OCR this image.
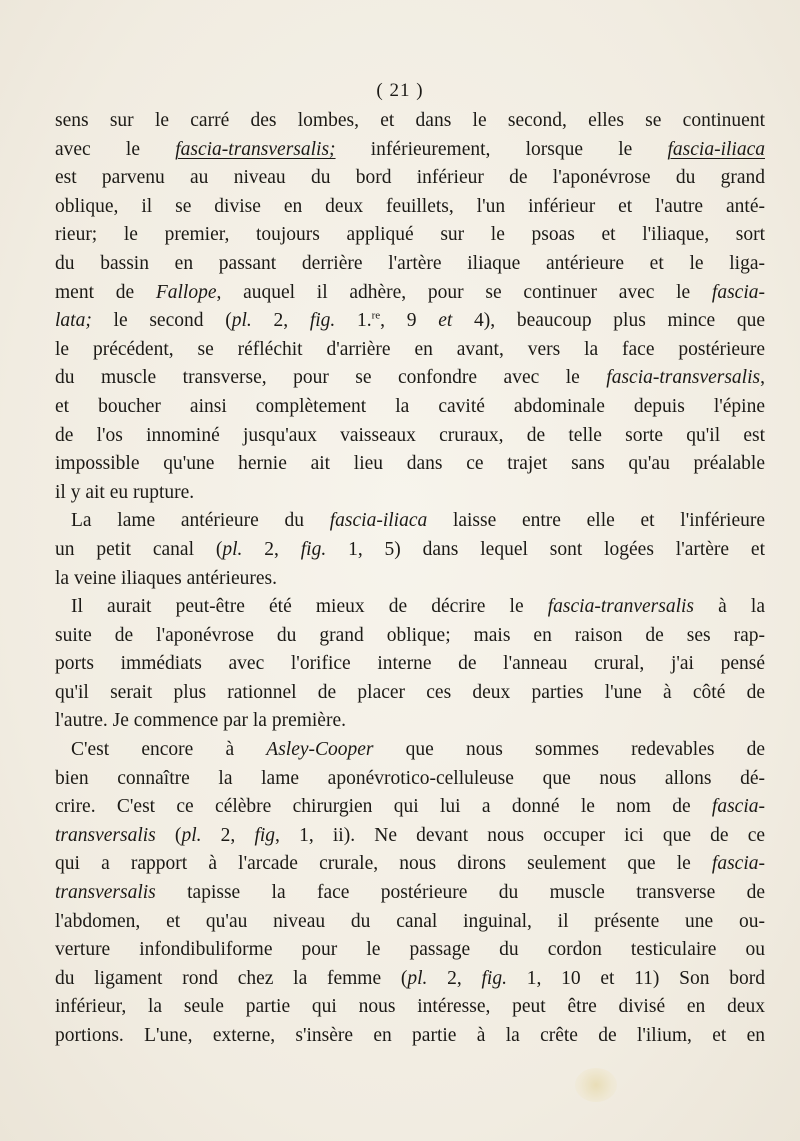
( 21 )
sens sur le carré des lombes, et dans le second, elles se continuent
avec le fascia-transversalis; inférieurement, lorsque le fascia-iliaca
est parvenu au niveau du bord inférieur de l'aponévrose du grand
oblique, il se divise en deux feuillets, l'un inférieur et l'autre anté-
rieur; le premier, toujours appliqué sur le psoas et l'iliaque, sort
du bassin en passant derrière l'artère iliaque antérieure et le liga-
ment de Fallope, auquel il adhère, pour se continuer avec le fascia-
lata; le second (pl. 2, fig. 1.$^{re}$, 9 et 4), beaucoup plus mince que
le précédent, se réfléchit d'arrière en avant, vers la face postérieure
du muscle transverse, pour se confondre avec le fascia-transversalis,
et boucher ainsi complètement la cavité abdominale depuis l'épine
de l'os innominé jusqu'aux vaisseaux cruraux, de telle sorte qu'il est
impossible qu'une hernie ait lieu dans ce trajet sans qu'au préalable
il y ait eu rupture.
La lame antérieure du fascia-iliaca laisse entre elle et l'inférieure
un petit canal (pl. 2, fig. 1, 5) dans lequel sont logées l'artère et
la veine iliaques antérieures.
Il aurait peut-être été mieux de décrire le fascia-tranversalis à la
suite de l'aponévrose du grand oblique; mais en raison de ses rap-
ports immédiats avec l'orifice interne de l'anneau crural, j'ai pensé
qu'il serait plus rationnel de placer ces deux parties l'une à côté de
l'autre. Je commence par la première.
C'est encore à Asley-Cooper que nous sommes redevables de
bien connaître la lame aponévrotico-celluleuse que nous allons dé-
crire. C'est ce célèbre chirurgien qui lui a donné le nom de fascia-
transversalis (pl. 2, fig, 1, ii). Ne devant nous occuper ici que de ce
qui a rapport à l'arcade crurale, nous dirons seulement que le fascia-
transversalis tapisse la face postérieure du muscle transverse de
l'abdomen, et qu'au niveau du canal inguinal, il présente une ou-
verture infondibuliforme pour le passage du cordon testiculaire ou
du ligament rond chez la femme (pl. 2, fig. 1, 10 et 11) Son bord
inférieur, la seule partie qui nous intéresse, peut être divisé en deux
portions. L'une, externe, s'insère en partie à la crête de l'ilium, et en
